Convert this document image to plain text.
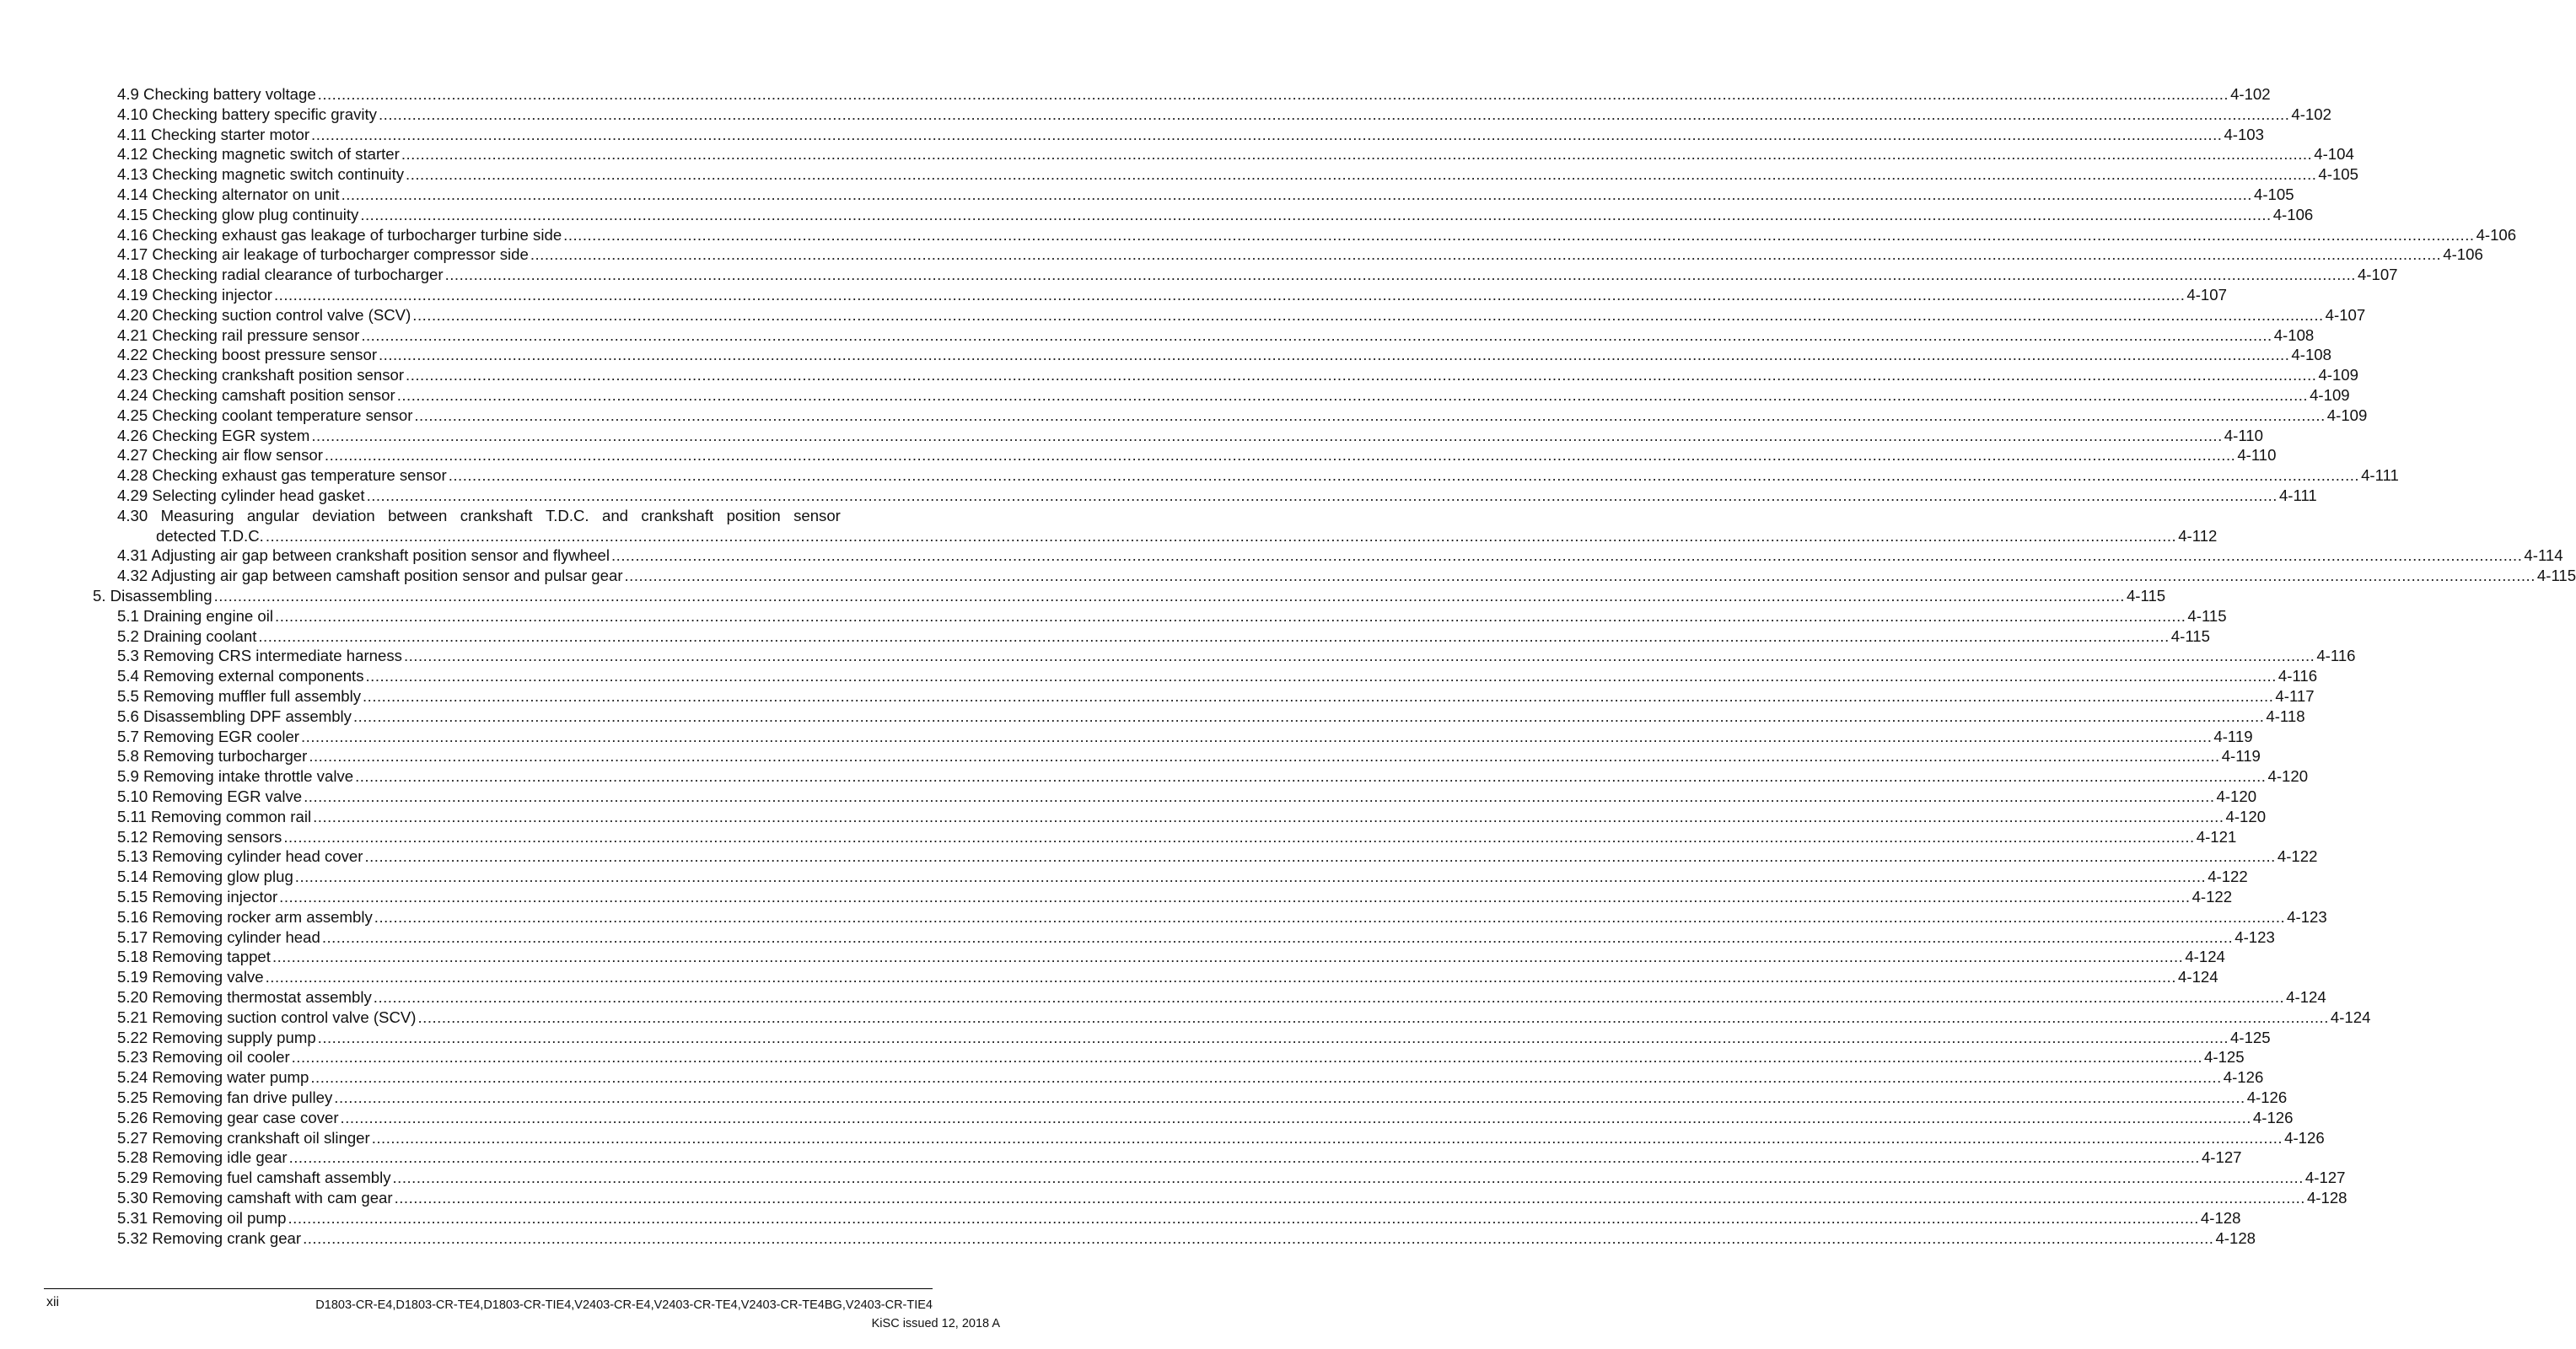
4.9 Checking battery voltage ................................................................................................................................................................................................................................................................................................................................................................................................................ 4-102
4.10 Checking battery specific gravity ................................................................................................................................................................................................................................................................................................................................................................................................................ 4-102
4.11 Checking starter motor ................................................................................................................................................................................................................................................................................................................................................................................................................ 4-103
4.12 Checking magnetic switch of starter ................................................................................................................................................................................................................................................................................................................................................................................................................ 4-104
4.13 Checking magnetic switch continuity ................................................................................................................................................................................................................................................................................................................................................................................................................ 4-105
4.14 Checking alternator on unit ................................................................................................................................................................................................................................................................................................................................................................................................................ 4-105
4.15 Checking glow plug continuity ................................................................................................................................................................................................................................................................................................................................................................................................................ 4-106
4.16 Checking exhaust gas leakage of turbocharger turbine side ................................................................................................................................................................................................................................................................................................................................................................................................................ 4-106
4.17 Checking air leakage of turbocharger compressor side ................................................................................................................................................................................................................................................................................................................................................................................................................ 4-106
4.18 Checking radial clearance of turbocharger ................................................................................................................................................................................................................................................................................................................................................................................................................ 4-107
4.19 Checking injector ................................................................................................................................................................................................................................................................................................................................................................................................................ 4-107
4.20 Checking suction control valve (SCV) ................................................................................................................................................................................................................................................................................................................................................................................................................ 4-107
4.21 Checking rail pressure sensor ................................................................................................................................................................................................................................................................................................................................................................................................................ 4-108
4.22 Checking boost pressure sensor ................................................................................................................................................................................................................................................................................................................................................................................................................ 4-108
4.23 Checking crankshaft position sensor ................................................................................................................................................................................................................................................................................................................................................................................................................ 4-109
4.24 Checking camshaft position sensor ................................................................................................................................................................................................................................................................................................................................................................................................................ 4-109
4.25 Checking coolant temperature sensor ................................................................................................................................................................................................................................................................................................................................................................................................................ 4-109
4.26 Checking EGR system ................................................................................................................................................................................................................................................................................................................................................................................................................ 4-110
4.27 Checking air flow sensor ................................................................................................................................................................................................................................................................................................................................................................................................................ 4-110
4.28 Checking exhaust gas temperature sensor ................................................................................................................................................................................................................................................................................................................................................................................................................ 4-111
4.29 Selecting cylinder head gasket ................................................................................................................................................................................................................................................................................................................................................................................................................ 4-111
4.30 Measuring angular deviation between crankshaft T.D.C. and crankshaft position sensor
detected T.D.C. ................................................................................................................................................................................................................................................................................................................................................................................................................ 4-112
4.31 Adjusting air gap between crankshaft position sensor and flywheel ................................................................................................................................................................................................................................................................................................................................................................................................................ 4-114
4.32 Adjusting air gap between camshaft position sensor and pulsar gear ................................................................................................................................................................................................................................................................................................................................................................................................................ 4-115
5. Disassembling ................................................................................................................................................................................................................................................................................................................................................................................................................ 4-115
5.1 Draining engine oil ................................................................................................................................................................................................................................................................................................................................................................................................................ 4-115
5.2 Draining coolant ................................................................................................................................................................................................................................................................................................................................................................................................................ 4-115
5.3 Removing CRS intermediate harness ................................................................................................................................................................................................................................................................................................................................................................................................................ 4-116
5.4 Removing external components ................................................................................................................................................................................................................................................................................................................................................................................................................ 4-116
5.5 Removing muffler full assembly ................................................................................................................................................................................................................................................................................................................................................................................................................ 4-117
5.6 Disassembling DPF assembly ................................................................................................................................................................................................................................................................................................................................................................................................................ 4-118
5.7 Removing EGR cooler ................................................................................................................................................................................................................................................................................................................................................................................................................ 4-119
5.8 Removing turbocharger ................................................................................................................................................................................................................................................................................................................................................................................................................ 4-119
5.9 Removing intake throttle valve ................................................................................................................................................................................................................................................................................................................................................................................................................ 4-120
5.10 Removing EGR valve ................................................................................................................................................................................................................................................................................................................................................................................................................ 4-120
5.11 Removing common rail ................................................................................................................................................................................................................................................................................................................................................................................................................ 4-120
5.12 Removing sensors ................................................................................................................................................................................................................................................................................................................................................................................................................ 4-121
5.13 Removing cylinder head cover ................................................................................................................................................................................................................................................................................................................................................................................................................ 4-122
5.14 Removing glow plug ................................................................................................................................................................................................................................................................................................................................................................................................................ 4-122
5.15 Removing injector ................................................................................................................................................................................................................................................................................................................................................................................................................ 4-122
5.16 Removing rocker arm assembly ................................................................................................................................................................................................................................................................................................................................................................................................................ 4-123
5.17 Removing cylinder head ................................................................................................................................................................................................................................................................................................................................................................................................................ 4-123
5.18 Removing tappet ................................................................................................................................................................................................................................................................................................................................................................................................................ 4-124
5.19 Removing valve ................................................................................................................................................................................................................................................................................................................................................................................................................ 4-124
5.20 Removing thermostat assembly ................................................................................................................................................................................................................................................................................................................................................................................................................ 4-124
5.21 Removing suction control valve (SCV) ................................................................................................................................................................................................................................................................................................................................................................................................................ 4-124
5.22 Removing supply pump ................................................................................................................................................................................................................................................................................................................................................................................................................ 4-125
5.23 Removing oil cooler ................................................................................................................................................................................................................................................................................................................................................................................................................ 4-125
5.24 Removing water pump ................................................................................................................................................................................................................................................................................................................................................................................................................ 4-126
5.25 Removing fan drive pulley ................................................................................................................................................................................................................................................................................................................................................................................................................ 4-126
5.26 Removing gear case cover ................................................................................................................................................................................................................................................................................................................................................................................................................ 4-126
5.27 Removing crankshaft oil slinger ................................................................................................................................................................................................................................................................................................................................................................................................................ 4-126
5.28 Removing idle gear ................................................................................................................................................................................................................................................................................................................................................................................................................ 4-127
5.29 Removing fuel camshaft assembly ................................................................................................................................................................................................................................................................................................................................................................................................................ 4-127
5.30 Removing camshaft with cam gear ................................................................................................................................................................................................................................................................................................................................................................................................................ 4-128
5.31 Removing oil pump ................................................................................................................................................................................................................................................................................................................................................................................................................ 4-128
5.32 Removing crank gear ................................................................................................................................................................................................................................................................................................................................................................................................................ 4-128
xii	D1803-CR-E4,D1803-CR-TE4,D1803-CR-TIE4,V2403-CR-E4,V2403-CR-TE4,V2403-CR-TE4BG,V2403-CR-TIE4
KiSC issued 12, 2018 A
